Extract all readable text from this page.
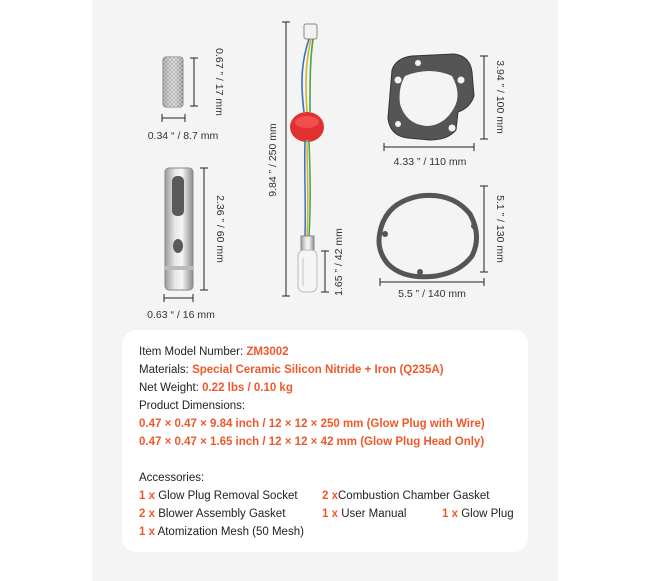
0.67 ” / 17 mm
0.34 “ / 8.7 mm
2.36 ” / 60 mm
0.63 “ / 16 mm
9.84 ” / 250 mm
1.65 ” / 42 mm
3.94 ” / 100 mm
4.33 ” / 110 mm
5.1 ” / 130 mm
5.5 ” / 140 mm
Item Model Number: ZM3002
Materials: Special Ceramic Silicon Nitride + Iron (Q235A)
Net Weight: 0.22 lbs / 0.10 kg
Product Dimensions:
0.47 × 0.47 × 9.84 inch / 12 × 12 × 250 mm (Glow Plug with Wire)
0.47 × 0.47 × 1.65 inch / 12 × 12 × 42 mm (Glow Plug Head Only)
Accessories:
1 x Glow Plug Removal Socket 2 xCombustion Chamber Gasket
2 x Blower Assembly Gasket	1 x User Manual	1 x Glow Plug
1 x Atomization Mesh (50 Mesh)
